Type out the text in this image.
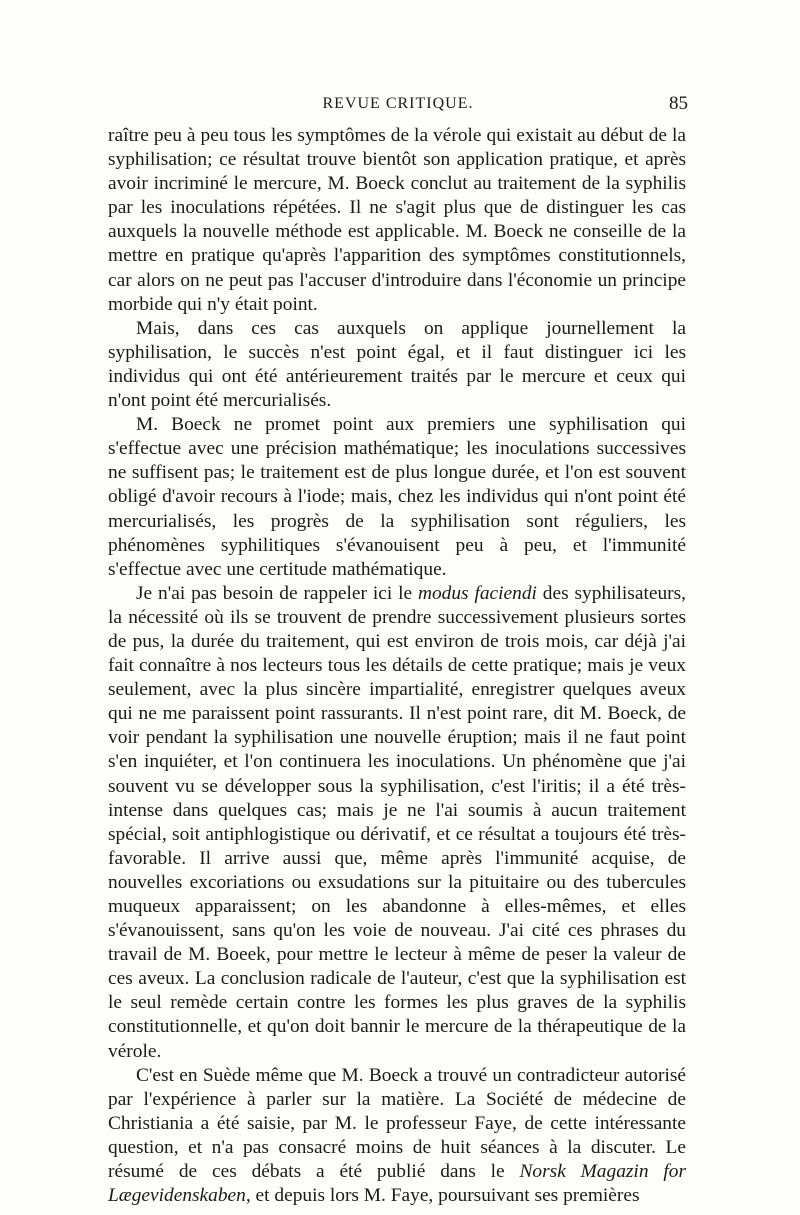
REVUE CRITIQUE.	85

raître peu à peu tous les symptômes de la vérole qui existait au début de la syphilisation; ce résultat trouve bientôt son application pratique, et après avoir incriminé le mercure, M. Boeck conclut au traitement de la syphilis par les inoculations répétées. Il ne s'agit plus que de distinguer les cas auxquels la nouvelle méthode est applicable. M. Boeck ne conseille de la mettre en pratique qu'après l'apparition des symptômes constitutionnels, car alors on ne peut pas l'accuser d'introduire dans l'économie un principe morbide qui n'y était point.

Mais, dans ces cas auxquels on applique journellement la syphilisation, le succès n'est point égal, et il faut distinguer ici les individus qui ont été antérieurement traités par le mercure et ceux qui n'ont point été mercurialisés.

M. Boeck ne promet point aux premiers une syphilisation qui s'effectue avec une précision mathématique; les inoculations successives ne suffisent pas; le traitement est de plus longue durée, et l'on est souvent obligé d'avoir recours à l'iode; mais, chez les individus qui n'ont point été mercurialisés, les progrès de la syphilisation sont réguliers, les phénomènes syphilitiques s'évanouisent peu à peu, et l'immunité s'effectue avec une certitude mathématique.

Je n'ai pas besoin de rappeler ici le modus faciendi des syphilisateurs, la nécessité où ils se trouvent de prendre successivement plusieurs sortes de pus, la durée du traitement, qui est environ de trois mois, car déjà j'ai fait connaître à nos lecteurs tous les détails de cette pratique; mais je veux seulement, avec la plus sincère impartialité, enregistrer quelques aveux qui ne me paraissent point rassurants. Il n'est point rare, dit M. Boeck, de voir pendant la syphilisation une nouvelle éruption; mais il ne faut point s'en inquiéter, et l'on continuera les inoculations. Un phénomène que j'ai souvent vu se développer sous la syphilisation, c'est l'iritis; il a été très-intense dans quelques cas; mais je ne l'ai soumis à aucun traitement spécial, soit antiphlogistique ou dérivatif, et ce résultat a toujours été très-favorable. Il arrive aussi que, même après l'immunité acquise, de nouvelles excoriations ou exsudations sur la pituitaire ou des tubercules muqueux apparaissent; on les abandonne à elles-mêmes, et elles s'évanouissent, sans qu'on les voie de nouveau. J'ai cité ces phrases du travail de M. Boeek, pour mettre le lecteur à même de peser la valeur de ces aveux. La conclusion radicale de l'auteur, c'est que la syphilisation est le seul remède certain contre les formes les plus graves de la syphilis constitutionnelle, et qu'on doit bannir le mercure de la thérapeutique de la vérole.

C'est en Suède même que M. Boeck a trouvé un contradicteur autorisé par l'expérience à parler sur la matière. La Société de médecine de Christiania a été saisie, par M. le professeur Faye, de cette intéressante question, et n'a pas consacré moins de huit séances à la discuter. Le résumé de ces débats a été publié dans le Norsk Magazin for Lægevidenskaben, et depuis lors M. Faye, poursuivant ses premières
